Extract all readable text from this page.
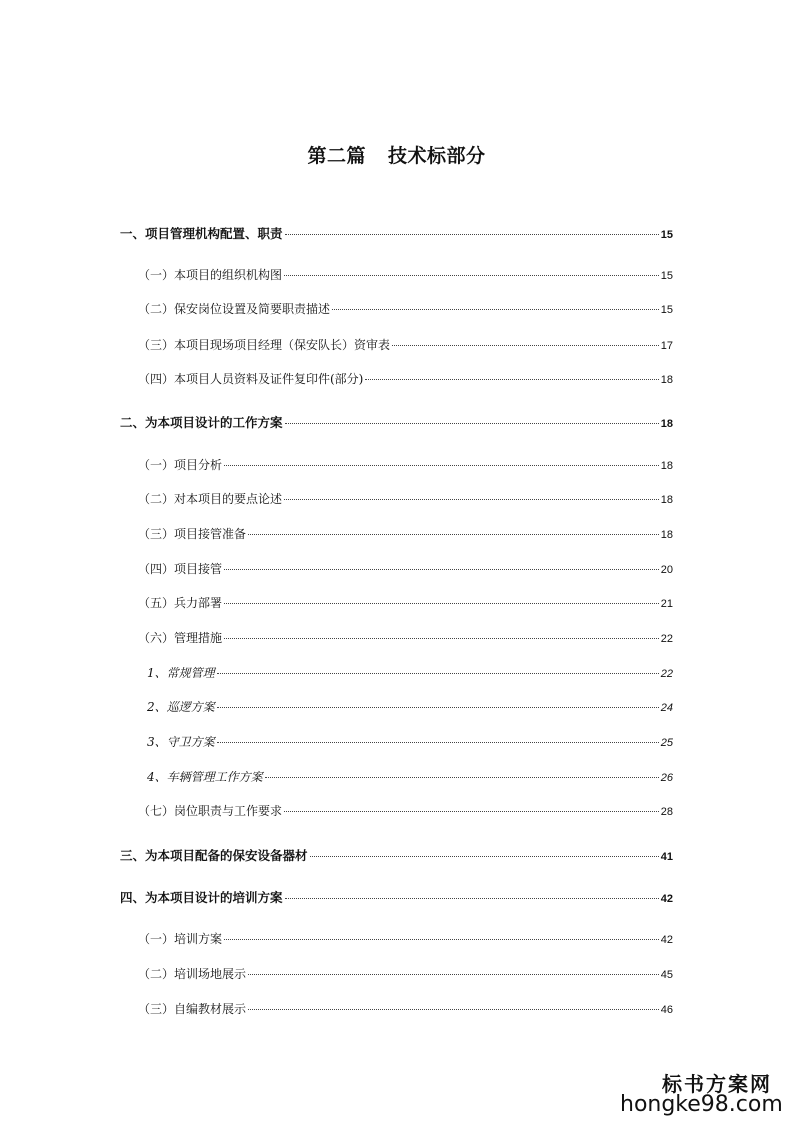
第二篇 技术标部分
一、项目管理机构配置、职责	15
（一）本项目的组织机构图	15
（二）保安岗位设置及简要职责描述	15
（三）本项目现场项目经理（保安队长）资审表	17
（四）本项目人员资料及证件复印件(部分)	18
二、为本项目设计的工作方案	18
（一）项目分析	18
（二）对本项目的要点论述	18
（三）项目接管准备	18
（四）项目接管	20
（五）兵力部署	21
（六）管理措施	22
1、常规管理	22
2、巡逻方案	24
3、守卫方案	25
4、车辆管理工作方案	26
（七）岗位职责与工作要求	28
三、为本项目配备的保安设备器材	41
四、为本项目设计的培训方案	42
（一）培训方案	42
（二）培训场地展示	45
（三）自编教材展示	46
标书方案网
hongke98.com
